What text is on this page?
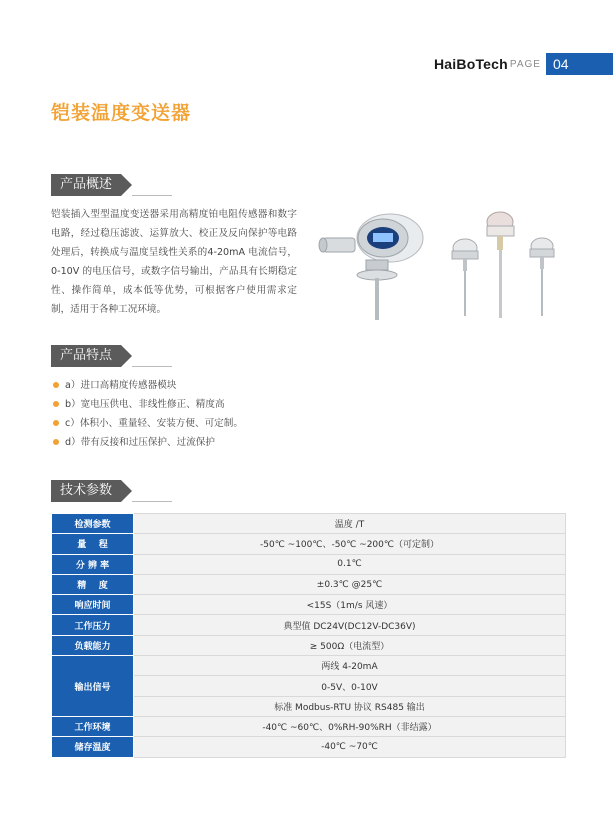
HaiBoTech PAGE 04
铠装温度变送器
产品概述
铠装插入型型温度变送器采用高精度铂电阻传感器和数字电路，经过稳压滤波、运算放大、校正及反向保护等电路处理后，转换成与温度呈线性关系的4-20mA 电流信号，0-10V 的电压信号，或数字信号输出，产品具有长期稳定性、操作简单，成本低等优势，可根据客户使用需求定制，适用于各种工况环境。
产品特点
a）进口高精度传感器模块
b）宽电压供电、非线性修正、精度高
c）体积小、重量轻、安装方便、可定制。
d）带有反接和过压保护、过流保护
技术参数
检测参数	温度 /T
量    程	-50℃ ~100℃、-50℃ ~200℃（可定制）
分 辨 率	0.1℃
精    度	±0.3℃ @25℃
响应时间	<15S（1m/s 风速）
工作压力	典型值 DC24V(DC12V-DC36V)
负载能力	≥ 500Ω（电流型）
输出信号	两线 4-20mA
	0-5V、0-10V
	标准 Modbus-RTU 协议 RS485 输出
工作环境	-40℃ ~60℃、0%RH-90%RH（非结露）
储存温度	-40℃ ~70℃
